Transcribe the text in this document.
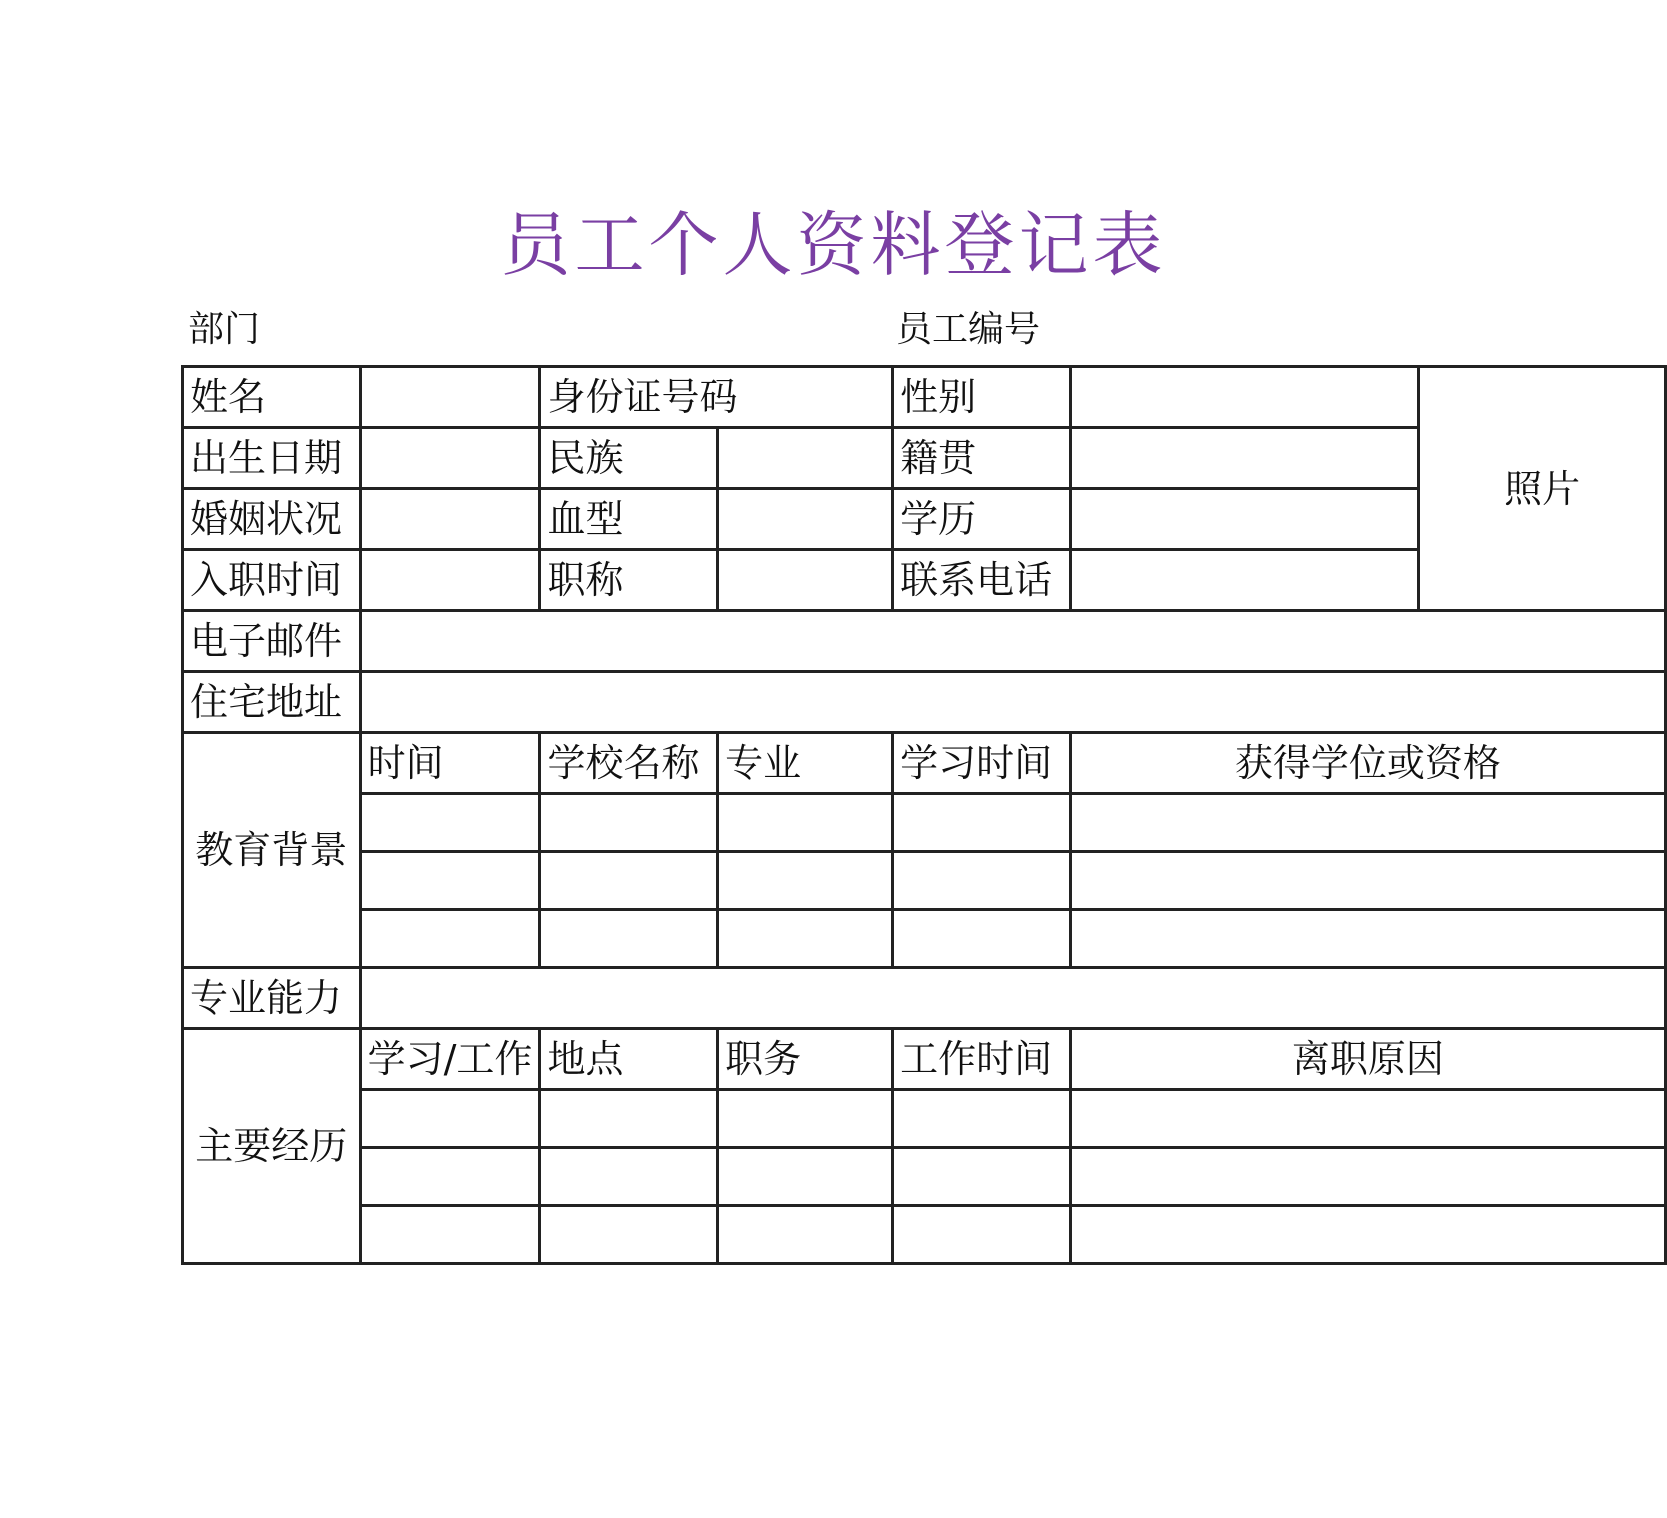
员工个人资料登记表
部门	员工编号
姓名		身份证号码		性别		照片
出生日期		民族		籍贯		
婚姻状况		血型		学历		
入职时间		职称		联系电话		
电子邮件						
住宅地址						
教育背景	时间	学校名称	专业	学习时间	获得学位或资格	

专业能力						
主要经历	学习/工作	地点	职务	工作时间	离职原因	
